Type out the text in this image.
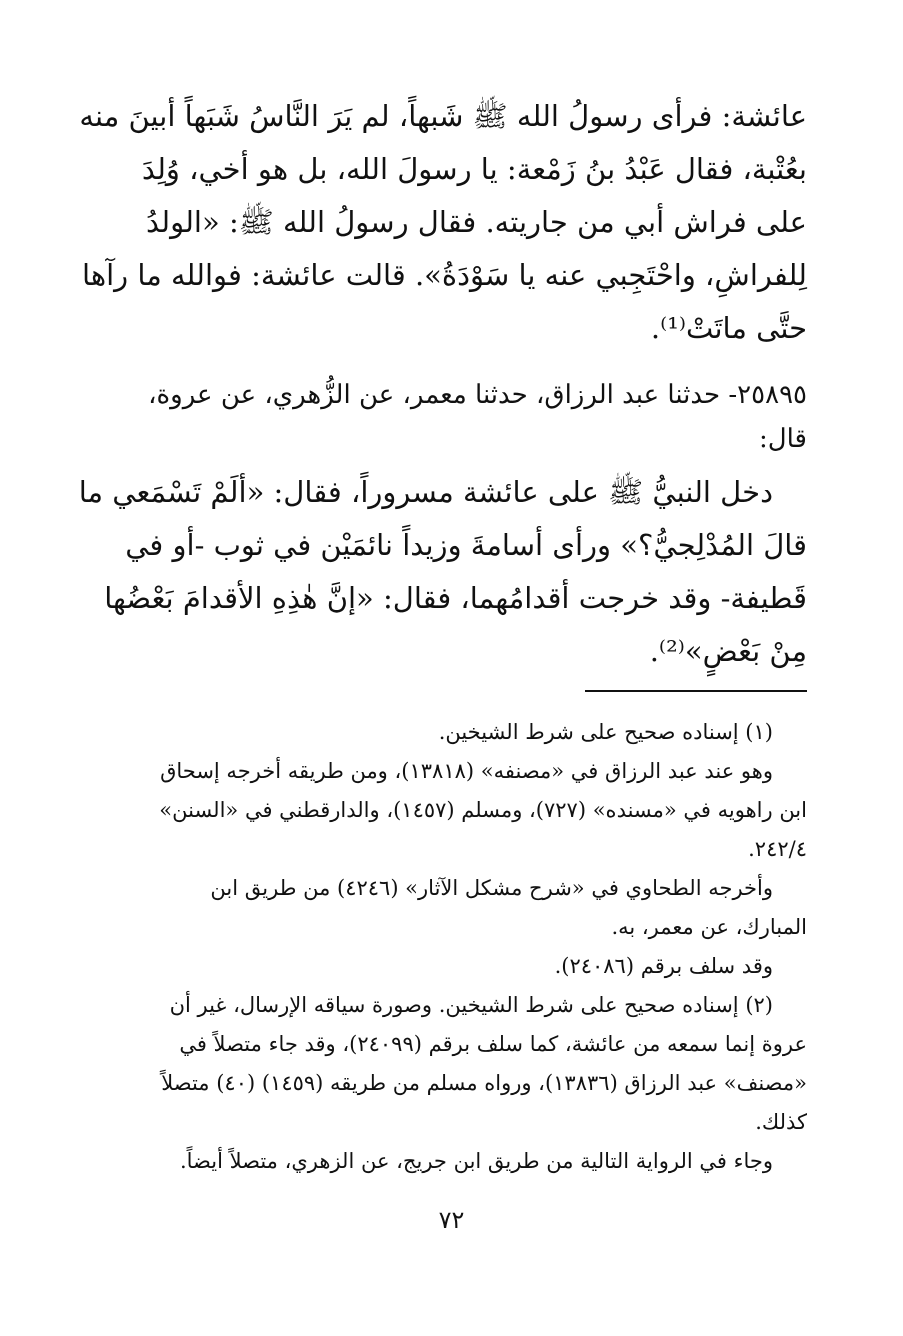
عائشة: فرأى رسولُ الله ﷺ شَبهاً، لم يَرَ النَّاسُ شَبَهاً أبينَ منه
بعُتْبة، فقال عَبْدُ بنُ زَمْعة: يا رسولَ الله، بل هو أخي، وُلِدَ
على فراش أبي من جاريته. فقال رسولُ الله ﷺ: «الولدُ
لِلفراشِ، واحْتَجِبي عنه يا سَوْدَةُ». قالت عائشة: فوالله ما رآها
حتَّى ماتَتْ⁽¹⁾.
٢٥٨٩٥- حدثنا عبد الرزاق، حدثنا معمر، عن الزُّهري، عن عروة،
قال:
دخل النبيُّ ﷺ على عائشة مسروراً، فقال: «ألَمْ تَسْمَعي ما
قالَ المُدْلِجيُّ؟» ورأى أسامةَ وزيداً نائمَيْن في ثوب -أو في
قَطيفة- وقد خرجت أقدامُهما، فقال: «إنَّ هٰذِهِ الأقدامَ بَعْضُها
مِنْ بَعْضٍ»⁽²⁾.
(١) إسناده صحيح على شرط الشيخين.
وهو عند عبد الرزاق في «مصنفه» (١٣٨١٨)، ومن طريقه أخرجه إسحاق
ابن راهويه في «مسنده» (٧٢٧)، ومسلم (١٤٥٧)، والدارقطني في «السنن»
٢٤٢/٤.
وأخرجه الطحاوي في «شرح مشكل الآثار» (٤٢٤٦) من طريق ابن
المبارك، عن معمر، به.
وقد سلف برقم (٢٤٠٨٦).
(٢) إسناده صحيح على شرط الشيخين. وصورة سياقه الإرسال، غير أن
عروة إنما سمعه من عائشة، كما سلف برقم (٢٤٠٩٩)، وقد جاء متصلاً في
«مصنف» عبد الرزاق (١٣٨٣٦)، ورواه مسلم من طريقه (١٤٥٩) (٤٠) متصلاً
كذلك.
وجاء في الرواية التالية من طريق ابن جريج، عن الزهري، متصلاً أيضاً.
٧٢
